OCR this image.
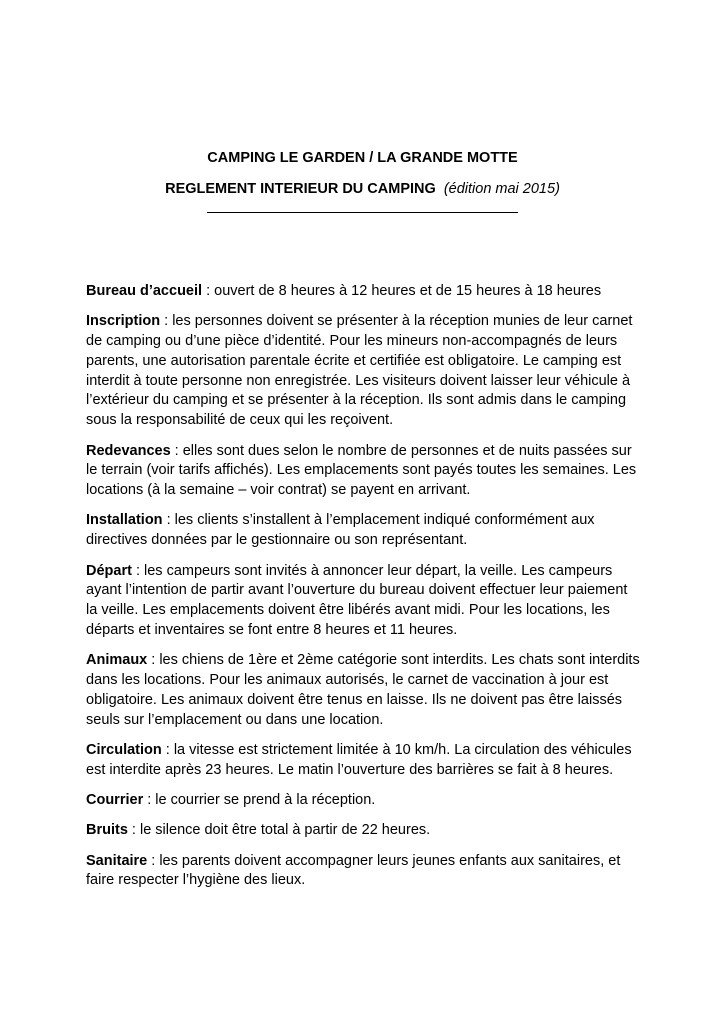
CAMPING LE GARDEN / LA GRANDE MOTTE
REGLEMENT INTERIEUR DU CAMPING (édition mai 2015)

Bureau d’accueil : ouvert de 8 heures à 12 heures et de 15 heures à 18 heures

Inscription : les personnes doivent se présenter à la réception munies de leur carnet de camping ou d’une pièce d’identité. Pour les mineurs non-accompagnés de leurs parents, une autorisation parentale écrite et certifiée est obligatoire. Le camping est interdit à toute personne non enregistrée. Les visiteurs doivent laisser leur véhicule à l’extérieur du camping et se présenter à la réception. Ils sont admis dans le camping sous la responsabilité de ceux qui les reçoivent.

Redevances : elles sont dues selon le nombre de personnes et de nuits passées sur le terrain (voir tarifs affichés). Les emplacements sont payés toutes les semaines. Les locations (à la semaine – voir contrat) se payent en arrivant.

Installation : les clients s’installent à l’emplacement indiqué conformément aux directives données par le gestionnaire ou son représentant.

Départ : les campeurs sont invités à annoncer leur départ, la veille. Les campeurs ayant l’intention de partir avant l’ouverture du bureau doivent effectuer leur paiement la veille. Les emplacements doivent être libérés avant midi. Pour les locations, les départs et inventaires se font entre 8 heures et 11 heures.

Animaux : les chiens de 1ère et 2ème catégorie sont interdits. Les chats sont interdits dans les locations. Pour les animaux autorisés, le carnet de vaccination à jour est obligatoire. Les animaux doivent être tenus en laisse. Ils ne doivent pas être laissés seuls sur l’emplacement ou dans une location.

Circulation : la vitesse est strictement limitée à 10 km/h. La circulation des véhicules est interdite après 23 heures. Le matin l’ouverture des barrières se fait à 8 heures.

Courrier : le courrier se prend à la réception.

Bruits : le silence doit être total à partir de 22 heures.

Sanitaire : les parents doivent accompagner leurs jeunes enfants aux sanitaires, et faire respecter l’hygiène des lieux.
